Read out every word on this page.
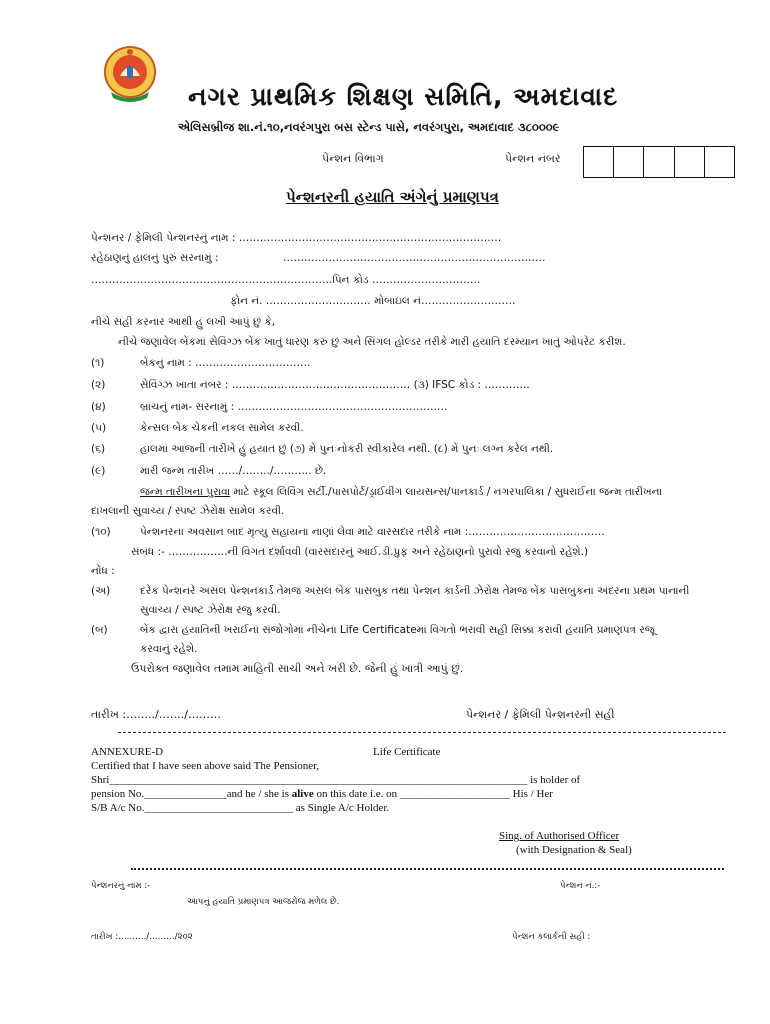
નગર પ્રાથમિક શિક્ષણ સમિતિ, અમદાવાદ
એલિસબ્રીજ શા.નં.૧૦,નવરંગપુરા બસ સ્ટેન્ડ પાસે, નવરંગપુરા, અમદાવાદ ૩૮૦૦૦૯
પેન્શન વિભાગ	પેન્શન નંબર
પેન્શનરની હયાતિ અંગેનું પ્રમાણપત્ર
પેન્શનર / ફેમિલી પેન્શનરનું નામ : …………………………………………………………………
રહેઠાણનું હાલનું પુરું સરનામું :	…………………………………………………………………
……………………………………………………………પિન કોડ ………………………….
ફોન નં. ………………………… મોબાઇલ નં………………………
નીચે સહી કરનાર આથી હું લખી આપું છું કે,
નીચે જણાવેલ બેંકમાં સેવિંગ્ઝ બેંક ખાતું ધારણ કરું છું અને સિંગલ હોલ્ડર તરીકે મારી હયાતિ દરમ્યાન ખાતું ઓપરેટ કરીશ.
(૧)	બેંકનું નામ : ……………………………
(૨)	સેવિંગ્ઝ ખાતા નંબર : …………………………………………… (૩) IFSC કોડ : ………….
(૪)	બ્રાંચનું નામ- સરનામું : ……………………………………………………
(૫)	કેન્સલ બેંક ચેકની નકલ સામેલ કરવી.
(૬)	હાલમાં આજની તારીખે હું હયાત છું (૭) મેં પુનઃનોકરી સ્વીકારેલ નથી. (૮) મેં પુનઃ લગ્ન કરેલ નથી.
(૯)	મારી જન્મ તારીખ ……/……../……….. છે.
જન્મ તારીખના પુરાવા માટે સ્કૂલ લિવિંગ સર્ટી./પાસપોર્ટ/ડ્રાઈવીંગ લાયસન્સ/પાનકાર્ડ / નગરપાલિકા / સુધરાઈના જન્મ તારીખના
દાખલાની સુવાચ્ય / સ્પષ્ટ ઝેરોક્ષ સામેલ કરવી.
(૧૦)	પેન્શનરના અવસાન બાદ મૃત્યુ સહાયના નાણાં લેવા માટે વારસદાર તરીકે નામ :…………………………………
સંબંધ :- ……………..ની વિગત દર્શાવવી (વારસદારનું આઈ.ડી.પ્રુફ અને રહેઠાણનો પુરાવો રજુ કરવાનો રહેશે.)
નોંધ :
(અ)	દરેક પેન્શનરે અસલ પેન્શનકાર્ડ તેમજ અસલ બેંક પાસબુક તથા પેન્શન કાર્ડની ઝેરોક્ષ તેમજ બેંક પાસબુકના અંદરના પ્રથમ પાનાની
સુવાચ્ય / સ્પષ્ટ ઝેરોક્ષ રજુ કરવી.
(બ)	બેંક દ્વારા હયાતિની ખરાઈનાં સંજોગોમાં નીચેના Life Certificateમાં વિગતો ભરાવી સહી સિક્કા કરાવી હયાતિ પ્રમાણપત્ર રજૂ
કરવાનું રહેશે.
ઉપરોક્ત જણાવેલ તમામ માહિતી સાચી અને ખરી છે. જેની હું ખાત્રી આપું છું.
તારીખ :……../……./………	પેન્શનર / ફેમિલી પેન્શનરની સહી
ANNEXURE-D	Life Certificate
Certified that I have seen above said The Pensioner,
Shri____________________________________________________________________________ is holder of
pension No._______________and he / she is alive on this date i.e. on ____________________ His / Her
S/B A/c No.___________________________ as Single A/c Holder.
Sing. of Authorised Officer
(with Designation & Seal)
પેન્શનરનું નામ :-	પેન્શન નં.:-
આપનું હયાતિ પ્રમાણપત્ર આજરોજ મળેલ છે.
તારીખ :………./………/૨૦૨	પેન્શન કલાર્કની સહી :
